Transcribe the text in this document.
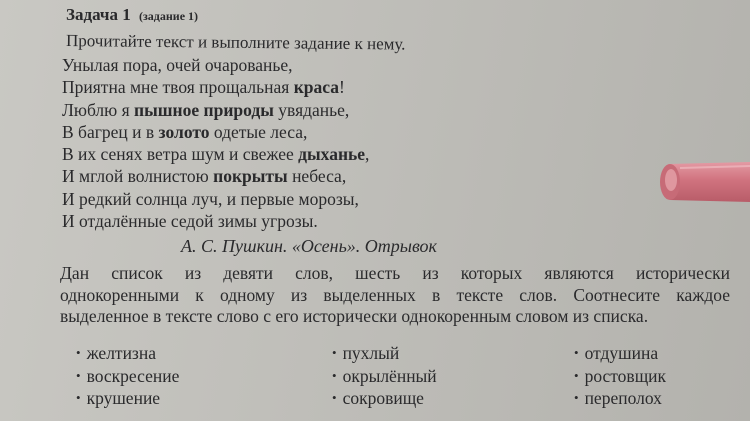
Задача 1 (задание 1)
Прочитайте текст и выполните задание к нему.
Унылая пора, очей очарованье,
Приятна мне твоя прощальная краса!
Люблю я пышное природы увяданье,
В багрец и в золото одетые леса,
В их сенях ветра шум и свежее дыханье,
И мглой волнистою покрыты небеса,
И редкий солнца луч, и первые морозы,
И отдалённые седой зимы угрозы.
А. С. Пушкин. «Осень». Отрывок
Дан список из девяти слов, шесть из которых являются исторически
однокоренными к одному из выделенных в тексте слов. Соотнесите каждое
выделенное в тексте слово с его исторически однокоренным словом из списка.
• желтизна
• воскресение
• крушение
• пухлый
• окрылённый
• сокровище
• отдушина
• ростовщик
• переполох
